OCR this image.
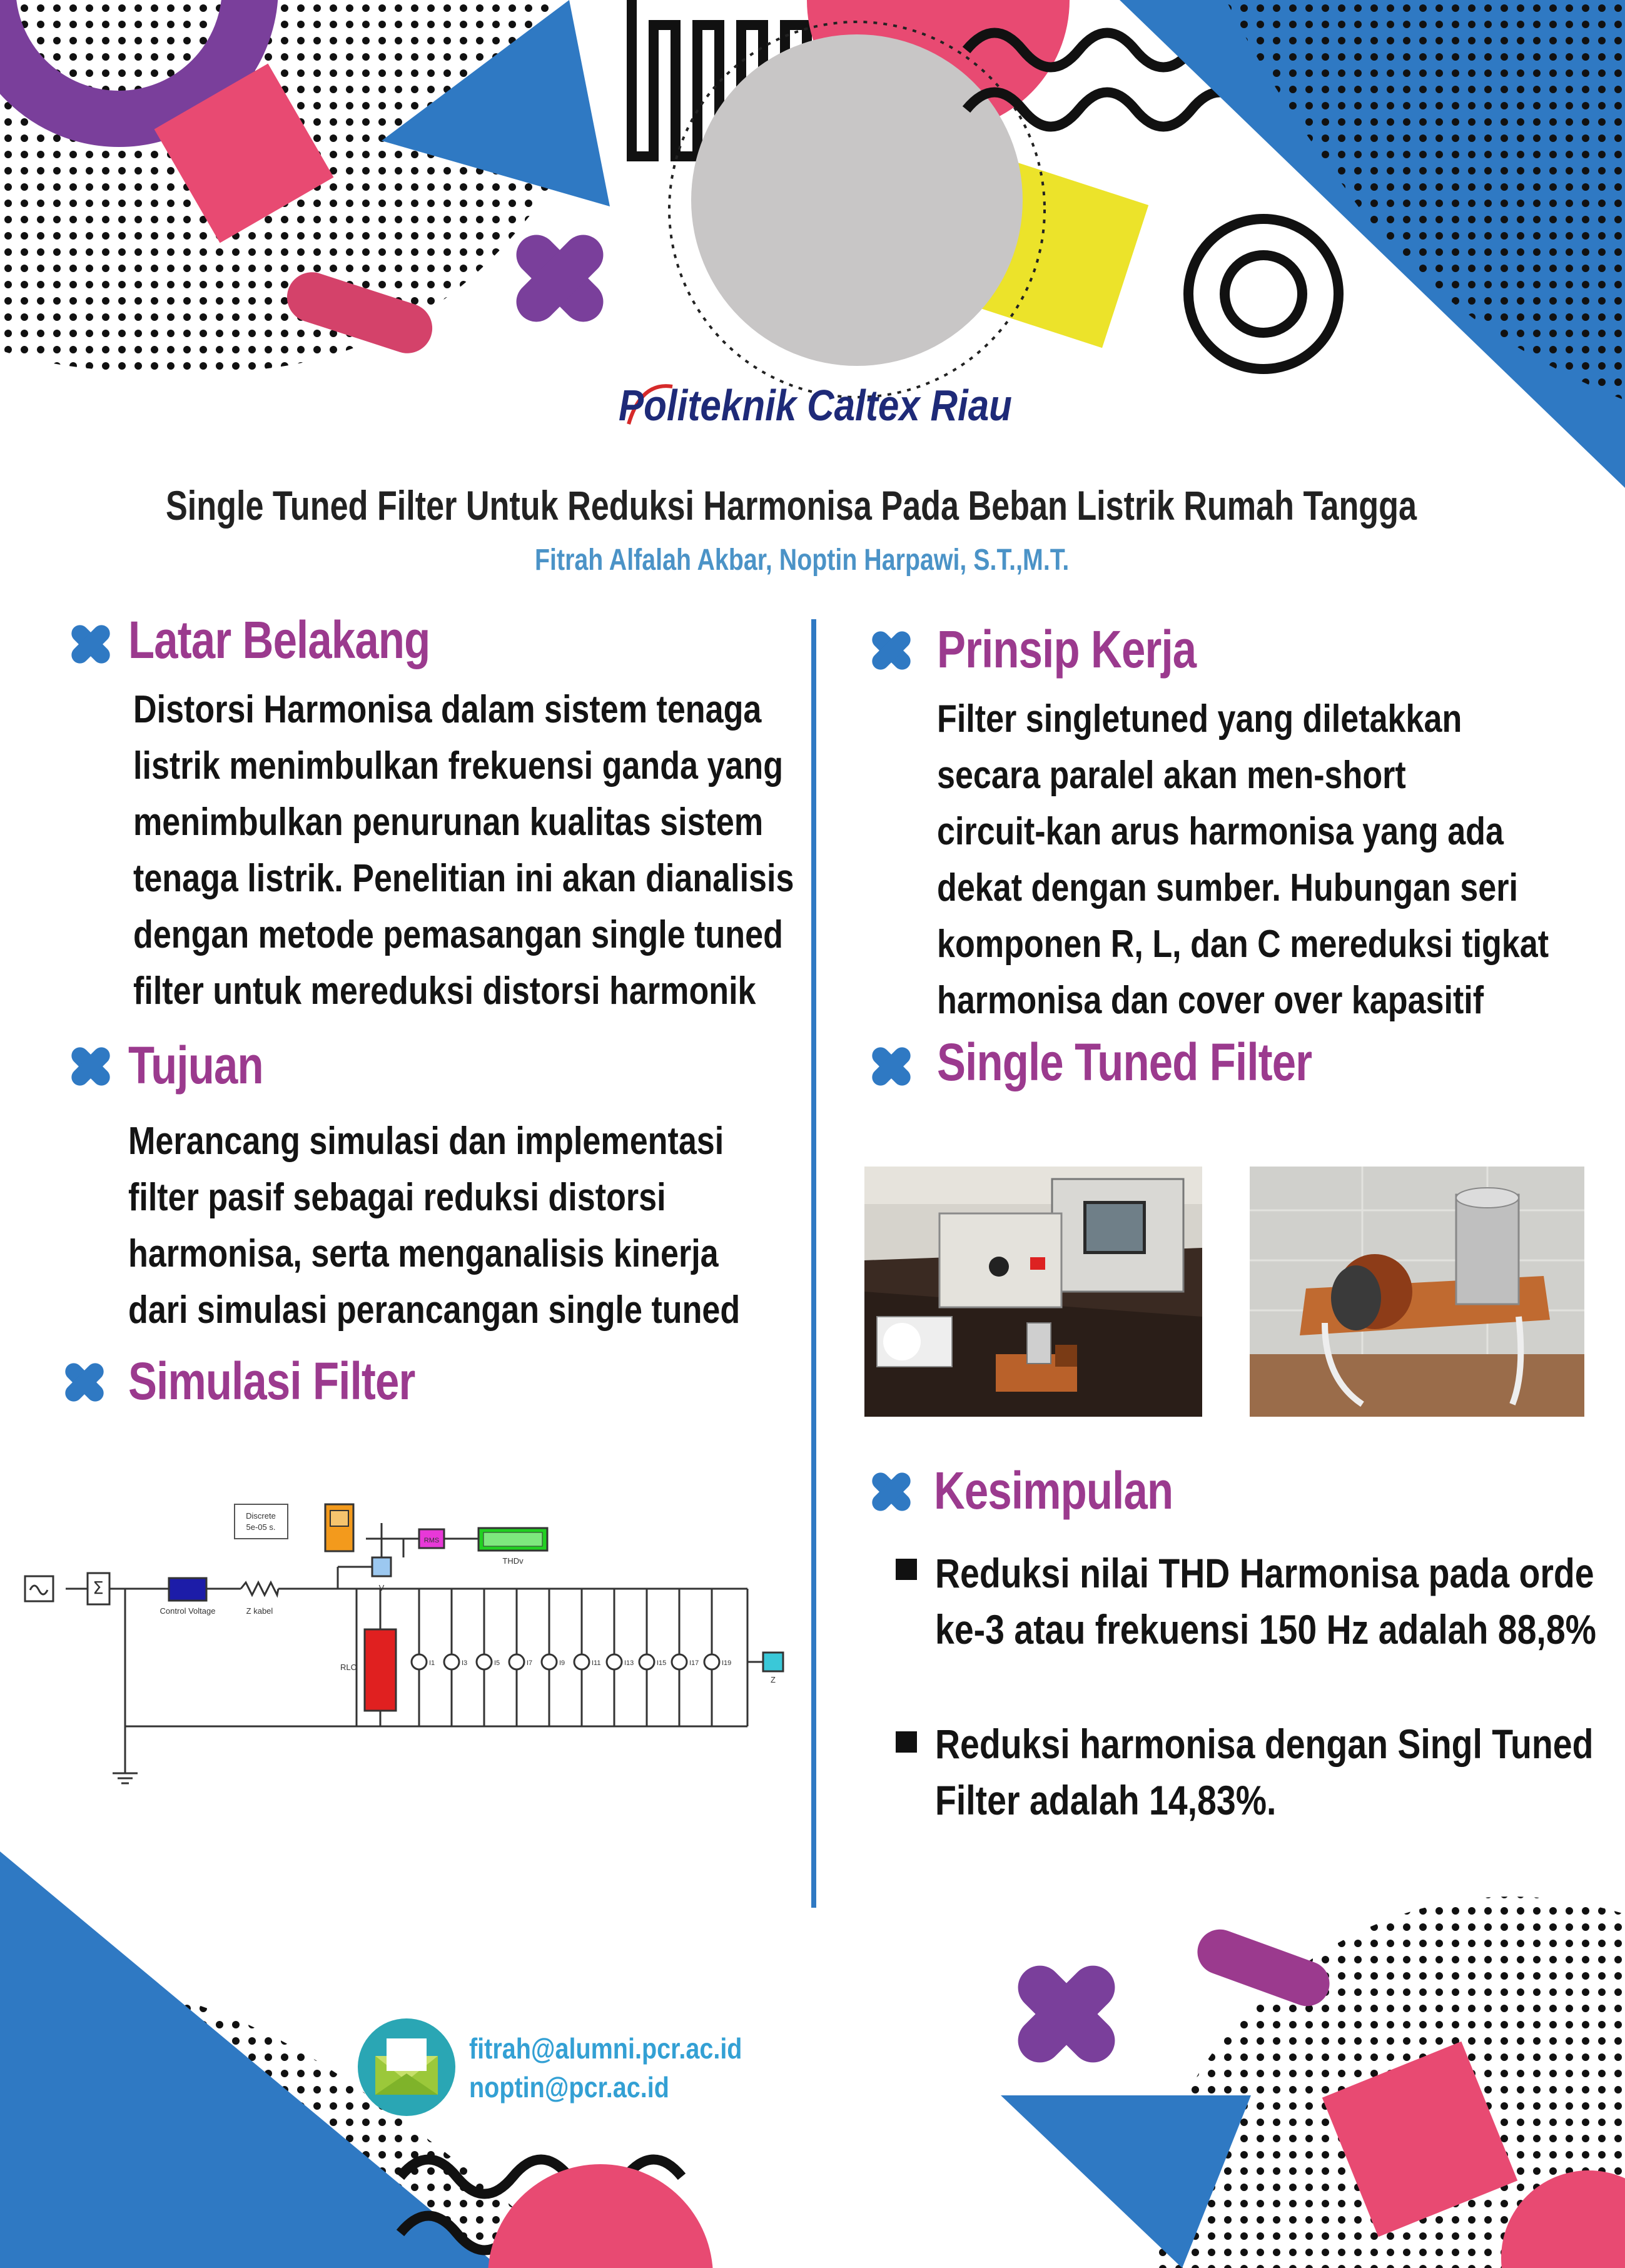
Politeknik Caltex Riau
Single Tuned Filter Untuk Reduksi Harmonisa Pada Beban Listrik Rumah Tangga
Fitrah Alfalah Akbar, Noptin Harpawi, S.T.,M.T.
Latar Belakang
Distorsi Harmonisa dalam sistem tenaga
listrik menimbulkan frekuensi ganda yang
menimbulkan penurunan kualitas sistem
tenaga listrik. Penelitian ini akan dianalisis
dengan metode pemasangan single tuned
filter untuk mereduksi distorsi harmonik
Tujuan
Merancang simulasi dan implementasi
filter pasif sebagai reduksi distorsi
harmonisa, serta menganalisis kinerja
dari simulasi perancangan single tuned
Simulasi Filter
Σ
Control Voltage	Z kabel
Discrete
5e-05 s.
V
RMS
THDv
RLC	I1	I3	I5	I7	I9	I11	I13	I15	I17	I19
Z
Prinsip Kerja
Filter singletuned yang diletakkan
secara paralel akan men-short
circuit-kan arus harmonisa yang ada
dekat dengan sumber. Hubungan seri
komponen R, L, dan C mereduksi tigkat
harmonisa dan cover over kapasitif
Single Tuned Filter
Kesimpulan
Reduksi nilai THD Harmonisa pada orde
ke-3 atau frekuensi 150 Hz adalah 88,8%
Reduksi harmonisa dengan Singl Tuned
Filter adalah 14,83%.
fitrah@alumni.pcr.ac.id
noptin@pcr.ac.id
